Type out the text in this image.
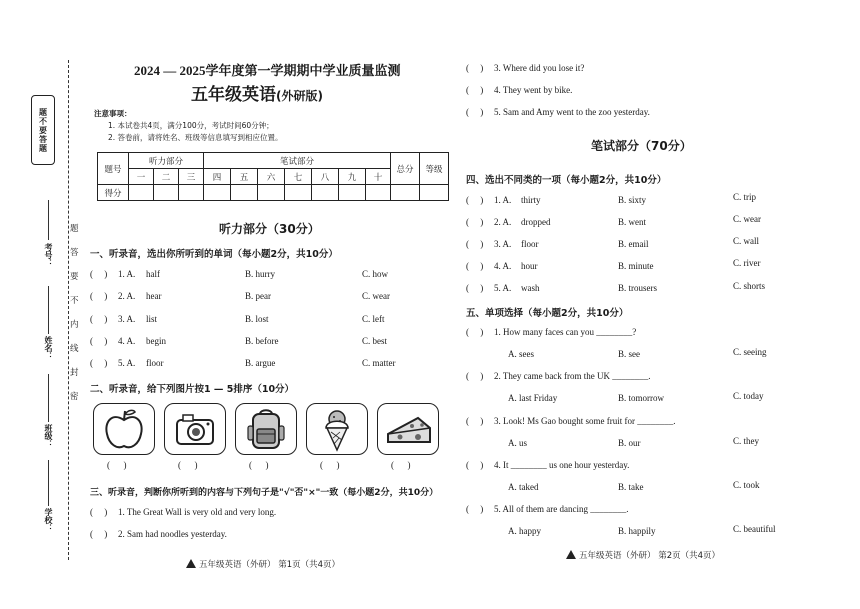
题不要答题
考号：
姓名：
班级：
学校：
题
答
要
不
内
线
封
密
2024 — 2025学年度第一学期期中学业质量监测
五年级英语(外研版)
注意事项：
1. 本试卷共4页，满分100分，考试时间60分钟；
2. 答卷前，请将姓名、班级等信息填写到相应位置。
题号	听力部分			笔试部分							总分	等级
	一	二	三	四	五	六	七	八	九	十		
得分												
听力部分（30分）
一、听录音，选出你所听到的单词（每小题2分，共10分）
(     ) 1. A. half	B. hurry	C. how
(     ) 2. A. hear	B. pear	C. wear
(     ) 3. A. list	B. lost	C. left
(     ) 4. A. begin	B. before	C. best
(     ) 5. A. floor	B. argue	C. matter
二、听录音，给下列图片按1 — 5排序（10分）
(      )	(      )	(      )	(      )	(      )
三、听录音，判断你所听到的内容与下列句子是"√"否"×"一致（每小题2分，共10分）
(     ) 1. The Great Wall is very old and very long.
(     ) 2. Sam had noodles yesterday.
五年级英语（外研） 第1页（共4页）
(     ) 3. Where did you lose it?
(     ) 4. They went by bike.
(     ) 5. Sam and Amy went to the zoo yesterday.
笔试部分（70分）
四、选出不同类的一项（每小题2分，共10分）
(     ) 1. A. thirty	B. sixty	C. trip
(     ) 2. A. dropped	B. went	C. wear
(     ) 3. A. floor	B. email	C. wall
(     ) 4. A. hour	B. minute	C. river
(     ) 5. A. wash	B. trousers	C. shorts
五、单项选择（每小题2分，共10分）
(     ) 1. How many faces can you ________?
A. sees	B. see	C. seeing
(     ) 2. They came back from the UK ________.
A. last Friday	B. tomorrow	C. today
(     ) 3. Look! Ms Gao bought some fruit for ________.
A. us	B. our	C. they
(     ) 4. It ________ us one hour yesterday.
A. taked	B. take	C. took
(     ) 5. All of them are dancing ________.
A. happy	B. happily	C. beautiful
五年级英语（外研） 第2页（共4页）
